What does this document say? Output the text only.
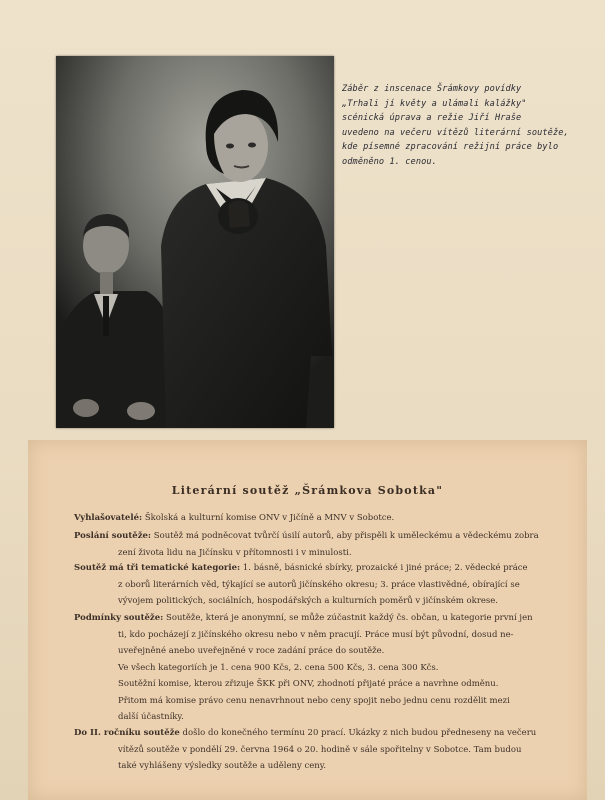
Záběr z inscenace Šrámkovy povídky
„Trhali jí květy a ulámali kalážky"
scénická úprava a režie Jiří Hraše
uvedeno na večeru vítězů literární soutěže,
kde písemné zpracování režijní práce bylo
odměněno 1. cenou.
Literární soutěž „Šrámkova Sobotka"
Vyhlašovatelé: Školská a kulturní komise ONV v Jičíně a MNV v Sobotce.
Poslání soutěže: Soutěž má podněcovat tvůrčí úsilí autorů, aby přispěli k uměleckému a vědeckému zobra
zení života lidu na Jičínsku v přítomnosti i v minulosti.
Soutěž má tři tematické kategorie: 1. básně, básnické sbírky, prozaické i jiné práce; 2. vědecké práce
z oborů literárních věd, týkající se autorů jičínského okresu; 3. práce vlastivědné, obírající se
vývojem politických, sociálních, hospodářských a kulturních poměrů v jičínském okrese.
Podmínky soutěže: Soutěže, která je anonymní, se může zúčastnit každý čs. občan, u kategorie první jen
ti, kdo pocházejí z jičínského okresu nebo v něm pracují. Práce musí být původní, dosud ne-
uveřejněné anebo uveřejněné v roce zadání práce do soutěže.
Ve všech kategoriích je 1. cena 900 Kčs, 2. cena 500 Kčs, 3. cena 300 Kčs.
Soutěžní komise, kterou zřizuje ŠKK při ONV, zhodnotí přijaté práce a navrhne odměnu.
Přitom má komise právo cenu nenavrhnout nebo ceny spojit nebo jednu cenu rozdělit mezi
další účastníky.
Do II. ročníku soutěže došlo do konečného termínu 20 prací. Ukázky z nich budou předneseny na večeru
vítězů soutěže v pondělí 29. června 1964 o 20. hodině v sále spořitelny v Sobotce. Tam budou
také vyhlášeny výsledky soutěže a uděleny ceny.
